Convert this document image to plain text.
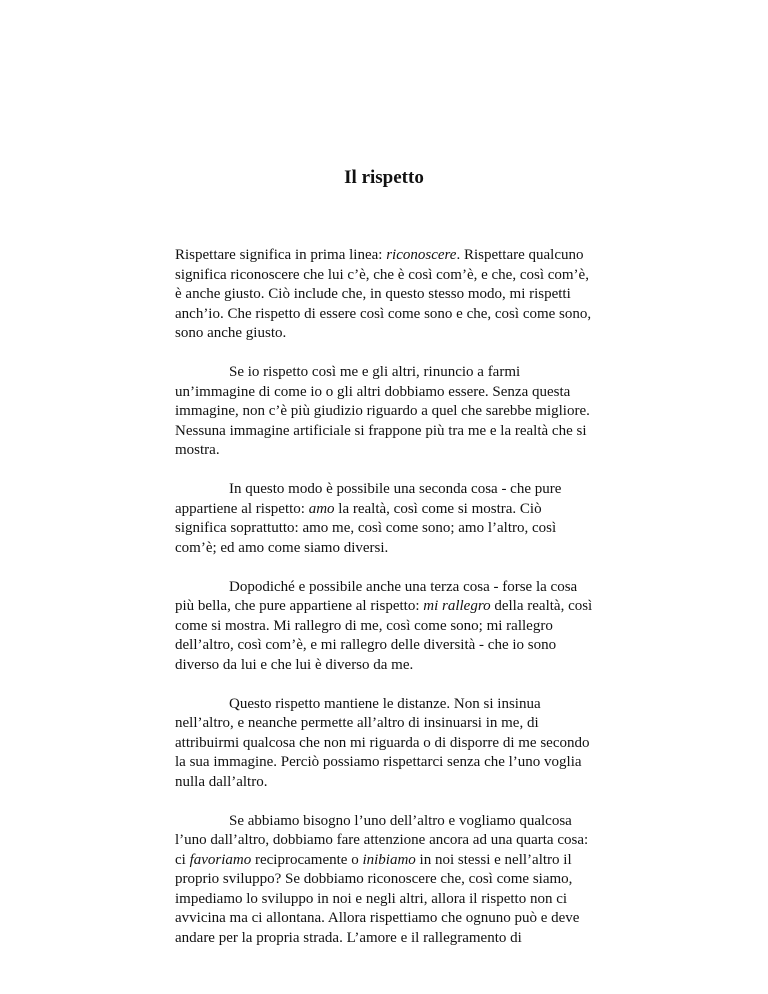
Il rispetto

Rispettare significa in prima linea: riconoscere. Rispettare qualcuno significa riconoscere che lui c’è, che è così com’è, e che, così com’è, è anche giusto. Ciò include che, in questo stesso modo, mi rispetti anch’io. Che rispetto di essere così come sono e che, così come sono, sono anche giusto.

Se io rispetto così me e gli altri, rinuncio a farmi un’immagine di come io o gli altri dobbiamo essere. Senza questa immagine, non c’è più giudizio riguardo a quel che sarebbe migliore. Nessuna immagine artificiale si frappone più tra me e la realtà che si mostra.

In questo modo è possibile una seconda cosa - che pure appartiene al rispetto: amo la realtà, così come si mostra. Ciò significa soprattutto: amo me, così come sono; amo l’altro, così com’è; ed amo come siamo diversi.

Dopodiché e possibile anche una terza cosa - forse la cosa più bella, che pure appartiene al rispetto: mi rallegro della realtà, così come si mostra. Mi rallegro di me, così come sono; mi rallegro dell’altro, così com’è, e mi rallegro delle diversità - che io sono diverso da lui e che lui è diverso da me.

Questo rispetto mantiene le distanze. Non si insinua nell’altro, e neanche permette all’altro di insinuarsi in me, di attribuirmi qualcosa che non mi riguarda o di disporre di me secondo la sua immagine. Perciò possiamo rispettarci senza che l’uno voglia nulla dall’altro.

Se abbiamo bisogno l’uno dell’altro e vogliamo qualcosa l’uno dall’altro, dobbiamo fare attenzione ancora ad una quarta cosa: ci favoriamo reciprocamente o inibiamo in noi stessi e nell’altro il proprio sviluppo? Se dobbiamo riconoscere che, così come siamo, impediamo lo sviluppo in noi e negli altri, allora il rispetto non ci avvicina ma ci allontana. Allora rispettiamo che ognuno può e deve andare per la propria strada. L’amore e il rallegramento di
